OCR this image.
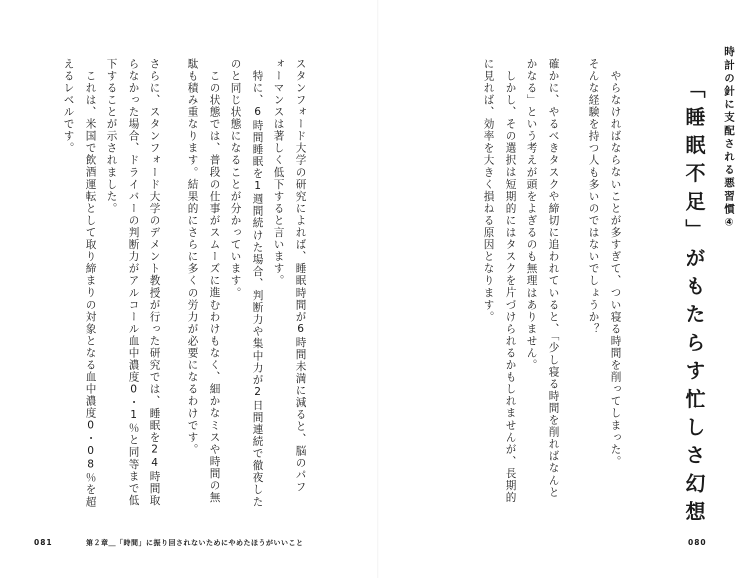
時計の針に支配される悪習慣④
「睡眠不足」がもたらす忙しさ幻想
やらなければならないことが多すぎて、つい寝る時間を削ってしまった。
そんな経験を持つ人も多いのではないでしょうか？
確かに、やるべきタスクや締切に追われていると、「少し寝る時間を削ればなんと
かなる」という考えが頭をよぎるのも無理はありません。
しかし、その選択は短期的にはタスクを片づけられるかもしれませんが、長期的
に見れば、効率を大きく損ねる原因となります。
スタンフォード大学の研究によれば、睡眠時間が6時間未満に減ると、脳のパフ
ォーマンスは著しく低下すると言います。
特に、6時間睡眠を1週間続けた場合、判断力や集中力が2日間連続で徹夜した
のと同じ状態になることが分かっています。
この状態では、普段の仕事がスムーズに進むわけもなく、細かなミスや時間の無
駄も積み重なります。結果的にさらに多くの労力が必要になるわけです。
さらに、スタンフォード大学のデメント教授が行った研究では、睡眠を24時間取
らなかった場合、ドライバーの判断力がアルコール血中濃度0・1％と同等まで低
下することが示されました。
これは、米国で飲酒運転として取り締まりの対象となる血中濃度0・08％を超
えるレベルです。
081	第２章＿「時間」に振り回されないためにやめたほうがいいこと	080
